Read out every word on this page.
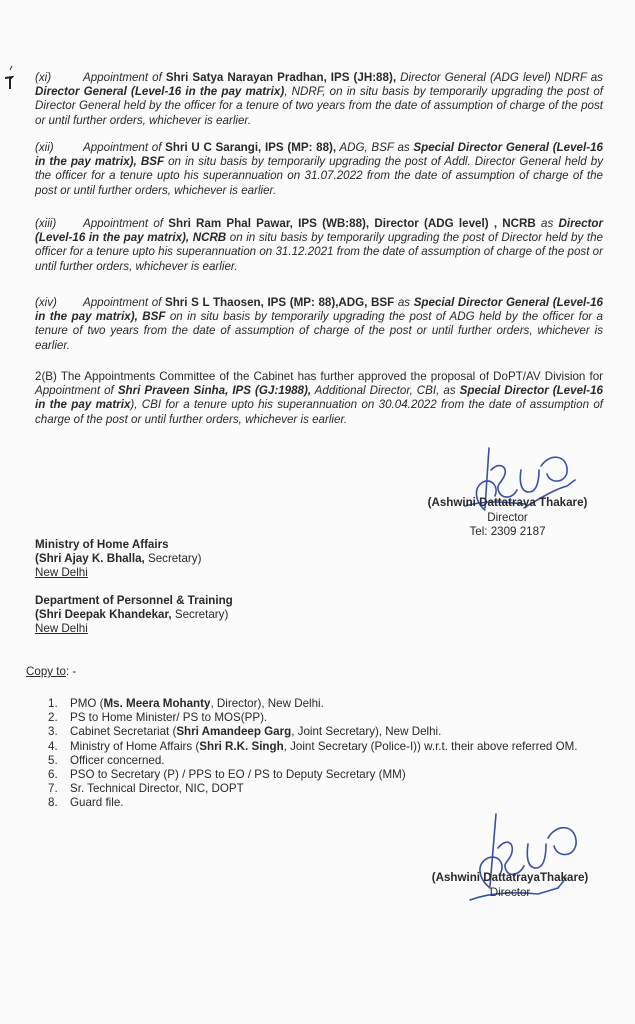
(xi)	Appointment of Shri Satya Narayan Pradhan, IPS (JH:88), Director General (ADG level) NDRF as Director General (Level-16 in the pay matrix), NDRF, on in situ basis by temporarily upgrading the post of Director General held by the officer for a tenure of two years from the date of assumption of charge of the post or until further orders, whichever is earlier.
(xii)	Appointment of Shri U C Sarangi, IPS (MP: 88), ADG, BSF as Special Director General (Level-16 in the pay matrix), BSF on in situ basis by temporarily upgrading the post of Addl. Director General held by the officer for a tenure upto his superannuation on 31.07.2022 from the date of assumption of charge of the post or until further orders, whichever is earlier.
(xiii) Appointment of Shri Ram Phal Pawar, IPS (WB:88), Director (ADG level) , NCRB as Director (Level-16 in the pay matrix), NCRB on in situ basis by temporarily upgrading the post of Director held by the officer for a tenure upto his superannuation on 31.12.2021 from the date of assumption of charge of the post or until further orders, whichever is earlier.
(xiv) Appointment of Shri S L Thaosen, IPS (MP: 88),ADG, BSF as Special Director General (Level-16 in the pay matrix), BSF on in situ basis by temporarily upgrading the post of ADG held by the officer for a tenure of two years from the date of assumption of charge of the post or until further orders, whichever is earlier.
2(B) The Appointments Committee of the Cabinet has further approved the proposal of DoPT/AV Division for Appointment of Shri Praveen Sinha, IPS (GJ:1988), Additional Director, CBI, as Special Director (Level-16 in the pay matrix), CBI for a tenure upto his superannuation on 30.04.2022 from the date of assumption of charge of the post or until further orders, whichever is earlier.
(Ashwini Dattatraya Thakare)
Director
Tel: 2309 2187
Ministry of Home Affairs
(Shri Ajay K. Bhalla, Secretary)
New Delhi
Department of Personnel & Training
(Shri Deepak Khandekar, Secretary)
New Delhi
Copy to: -
1.	PMO (Ms. Meera Mohanty, Director), New Delhi.
2.	PS to Home Minister/ PS to MOS(PP).
3.	Cabinet Secretariat (Shri Amandeep Garg, Joint Secretary), New Delhi.
4.	Ministry of Home Affairs (Shri R.K. Singh, Joint Secretary (Police-I)) w.r.t. their above referred OM.
5.	Officer concerned.
6.	PSO to Secretary (P) / PPS to EO / PS to Deputy Secretary (MM)
7.	Sr. Technical Director, NIC, DOPT
8.	Guard file.
(Ashwini DattatrayaThakare)
Director
